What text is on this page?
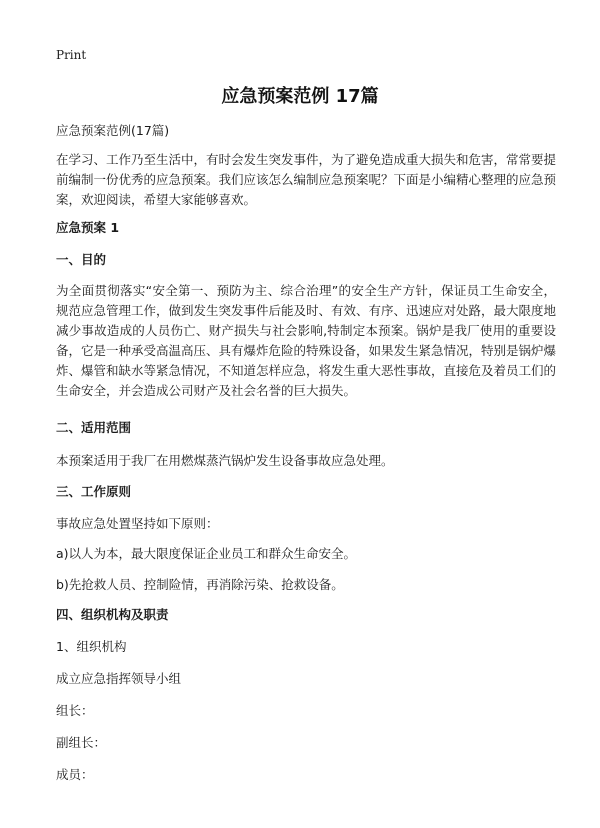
Print
应急预案范例 17篇
应急预案范例(17篇)

在学习、工作乃至生活中，有时会发生突发事件，为了避免造成重大损失和危害，常常要提前编制一份优秀的应急预案。我们应该怎么编制应急预案呢？下面是小编精心整理的应急预案，欢迎阅读，希望大家能够喜欢。

应急预案 1
一、目的

为全面贯彻落实“安全第一、预防为主、综合治理”的安全生产方针，保证员工生命安全，规范应急管理工作，做到发生突发事件后能及时、有效、有序、迅速应对处路，最大限度地减少事故造成的人员伤亡、财产损失与社会影响,特制定本预案。锅炉是我厂使用的重要设备，它是一种承受高温高压、具有爆炸危险的特殊设备，如果发生紧急情况，特别是锅炉爆炸、爆管和缺水等紧急情况，不知道怎样应急，将发生重大恶性事故，直接危及着员工们的生命安全，并会造成公司财产及社会名誉的巨大损失。

二、适用范围
本预案适用于我厂在用燃煤蒸汽锅炉发生设备事故应急处理。
三、工作原则
事故应急处置坚持如下原则：
a)以人为本，最大限度保证企业员工和群众生命安全。
b)先抢救人员、控制险情，再消除污染、抢救设备。
四、组织机构及职责
1、组织机构
成立应急指挥领导小组
组长：
副组长：
成员：
